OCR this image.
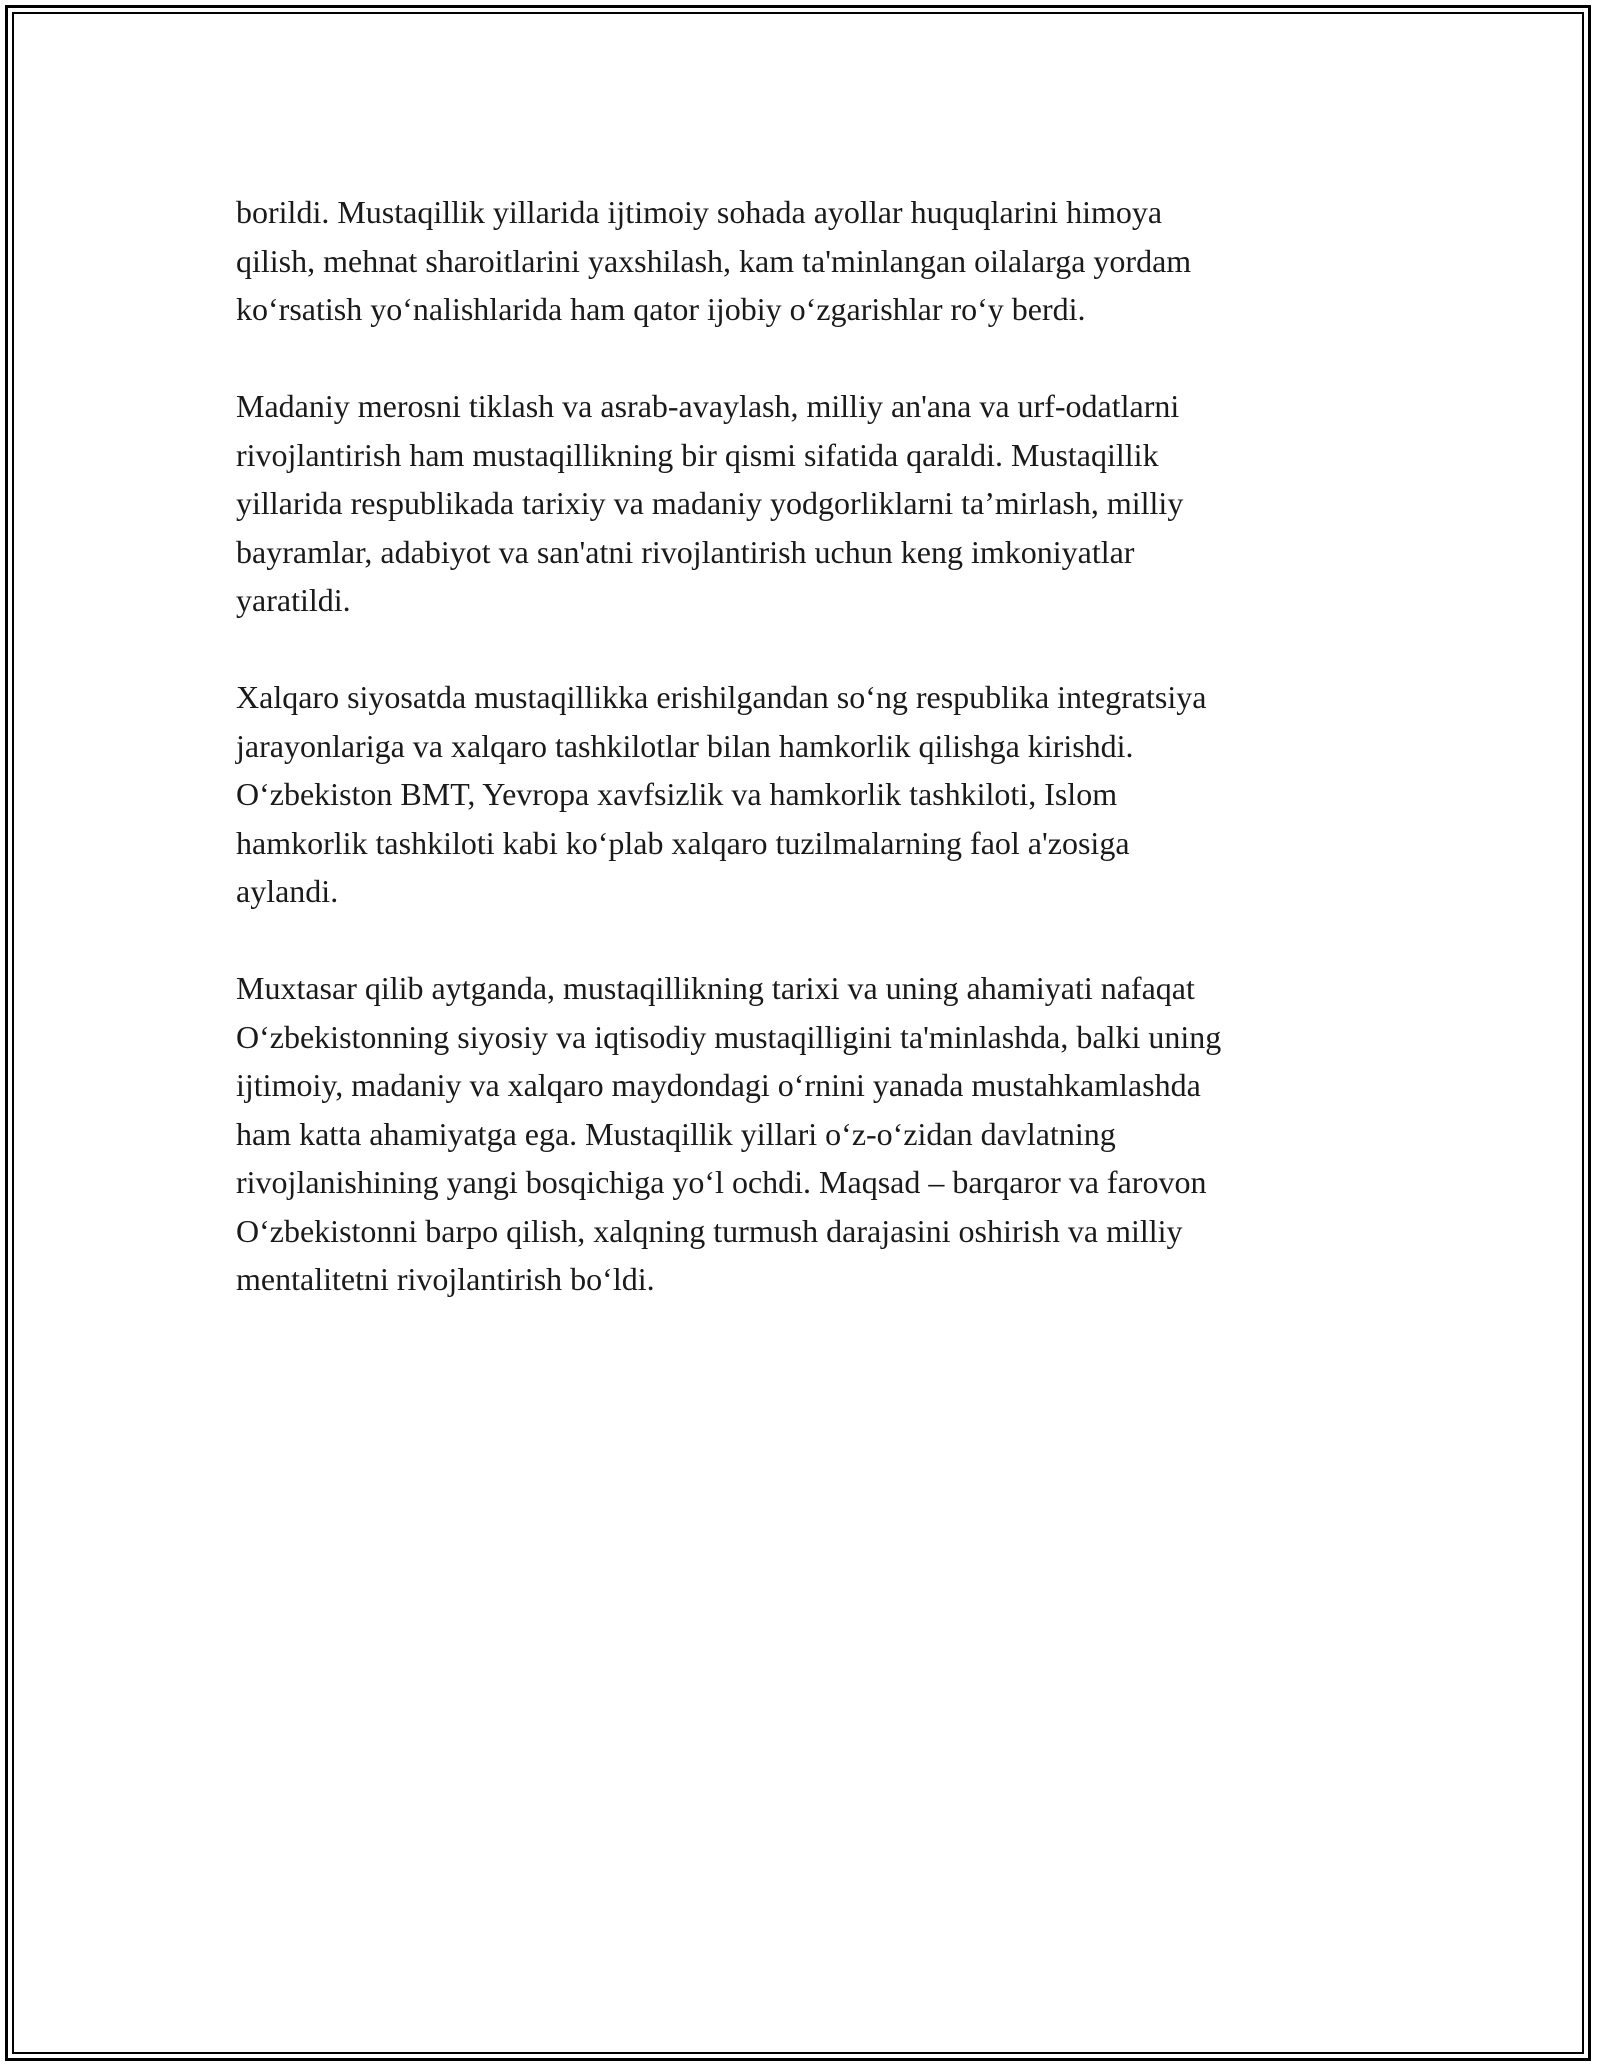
borildi. Mustaqillik yillarida ijtimoiy sohada ayollar huquqlarini himoya
qilish, mehnat sharoitlarini yaxshilash, kam ta'minlangan oilalarga yordam
ko‘rsatish yo‘nalishlarida ham qator ijobiy o‘zgarishlar ro‘y berdi.

Madaniy merosni tiklash va asrab-avaylash, milliy an'ana va urf-odatlarni
rivojlantirish ham mustaqillikning bir qismi sifatida qaraldi. Mustaqillik
yillarida respublikada tarixiy va madaniy yodgorliklarni ta’mirlash, milliy
bayramlar, adabiyot va san'atni rivojlantirish uchun keng imkoniyatlar
yaratildi.

Xalqaro siyosatda mustaqillikka erishilgandan so‘ng respublika integratsiya
jarayonlariga va xalqaro tashkilotlar bilan hamkorlik qilishga kirishdi.
O‘zbekiston BMT, Yevropa xavfsizlik va hamkorlik tashkiloti, Islom
hamkorlik tashkiloti kabi ko‘plab xalqaro tuzilmalarning faol a'zosiga
aylandi.

Muxtasar qilib aytganda, mustaqillikning tarixi va uning ahamiyati nafaqat
O‘zbekistonning siyosiy va iqtisodiy mustaqilligini ta'minlashda, balki uning
ijtimoiy, madaniy va xalqaro maydondagi o‘rnini yanada mustahkamlashda
ham katta ahamiyatga ega. Mustaqillik yillari o‘z-o‘zidan davlatning
rivojlanishining yangi bosqichiga yo‘l ochdi. Maqsad – barqaror va farovon
O‘zbekistonni barpo qilish, xalqning turmush darajasini oshirish va milliy
mentalitetni rivojlantirish bo‘ldi.
